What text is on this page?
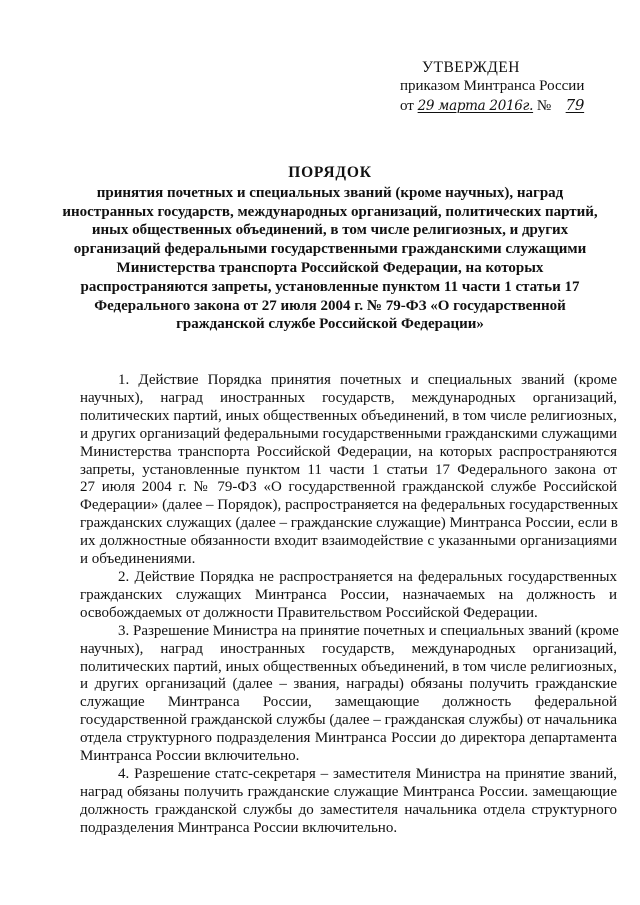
УТВЕРЖДЕН
приказом Минтранса России
от 29 марта 2016г. № 79
ПОРЯДОК
принятия почетных и специальных званий (кроме научных), наград
иностранных государств, международных организаций, политических партий,
иных общественных объединений, в том числе религиозных, и других
организаций федеральными государственными гражданскими служащими
Министерства транспорта Российской Федерации, на которых
распространяются запреты, установленные пунктом 11 части 1 статьи 17
Федерального закона от 27 июля 2004 г. № 79-ФЗ «О государственной
гражданской службе Российской Федерации»
1. Действие Порядка принятия почетных и специальных званий (кроме
научных), наград иностранных государств, международных организаций,
политических партий, иных общественных объединений, в том числе религиозных,
и других организаций федеральными государственными гражданскими служащими
Министерства транспорта Российской Федерации, на которых распространяются
запреты, установленные пунктом 11 части 1 статьи 17 Федерального закона от
27 июля 2004 г. № 79-ФЗ «О государственной гражданской службе Российской
Федерации» (далее – Порядок), распространяется на федеральных государственных
гражданских служащих (далее – гражданские служащие) Минтранса России, если в
их должностные обязанности входит взаимодействие с указанными организациями
и объединениями.
2. Действие Порядка не распространяется на федеральных государственных
гражданских служащих Минтранса России, назначаемых на должность и
освобождаемых от должности Правительством Российской Федерации.
3. Разрешение Министра на принятие почетных и специальных званий (кроме
научных), наград иностранных государств, международных организаций,
политических партий, иных общественных объединений, в том числе религиозных,
и других организаций (далее – звания, награды) обязаны получить гражданские
служащие Минтранса России, замещающие должность федеральной
государственной гражданской службы (далее – гражданская службы) от начальника
отдела структурного подразделения Минтранса России до директора департамента
Минтранса России включительно.
4. Разрешение статс-секретаря – заместителя Министра на принятие званий,
наград обязаны получить гражданские служащие Минтранса России. замещающие
должность гражданской службы до заместителя начальника отдела структурного
подразделения Минтранса России включительно.
